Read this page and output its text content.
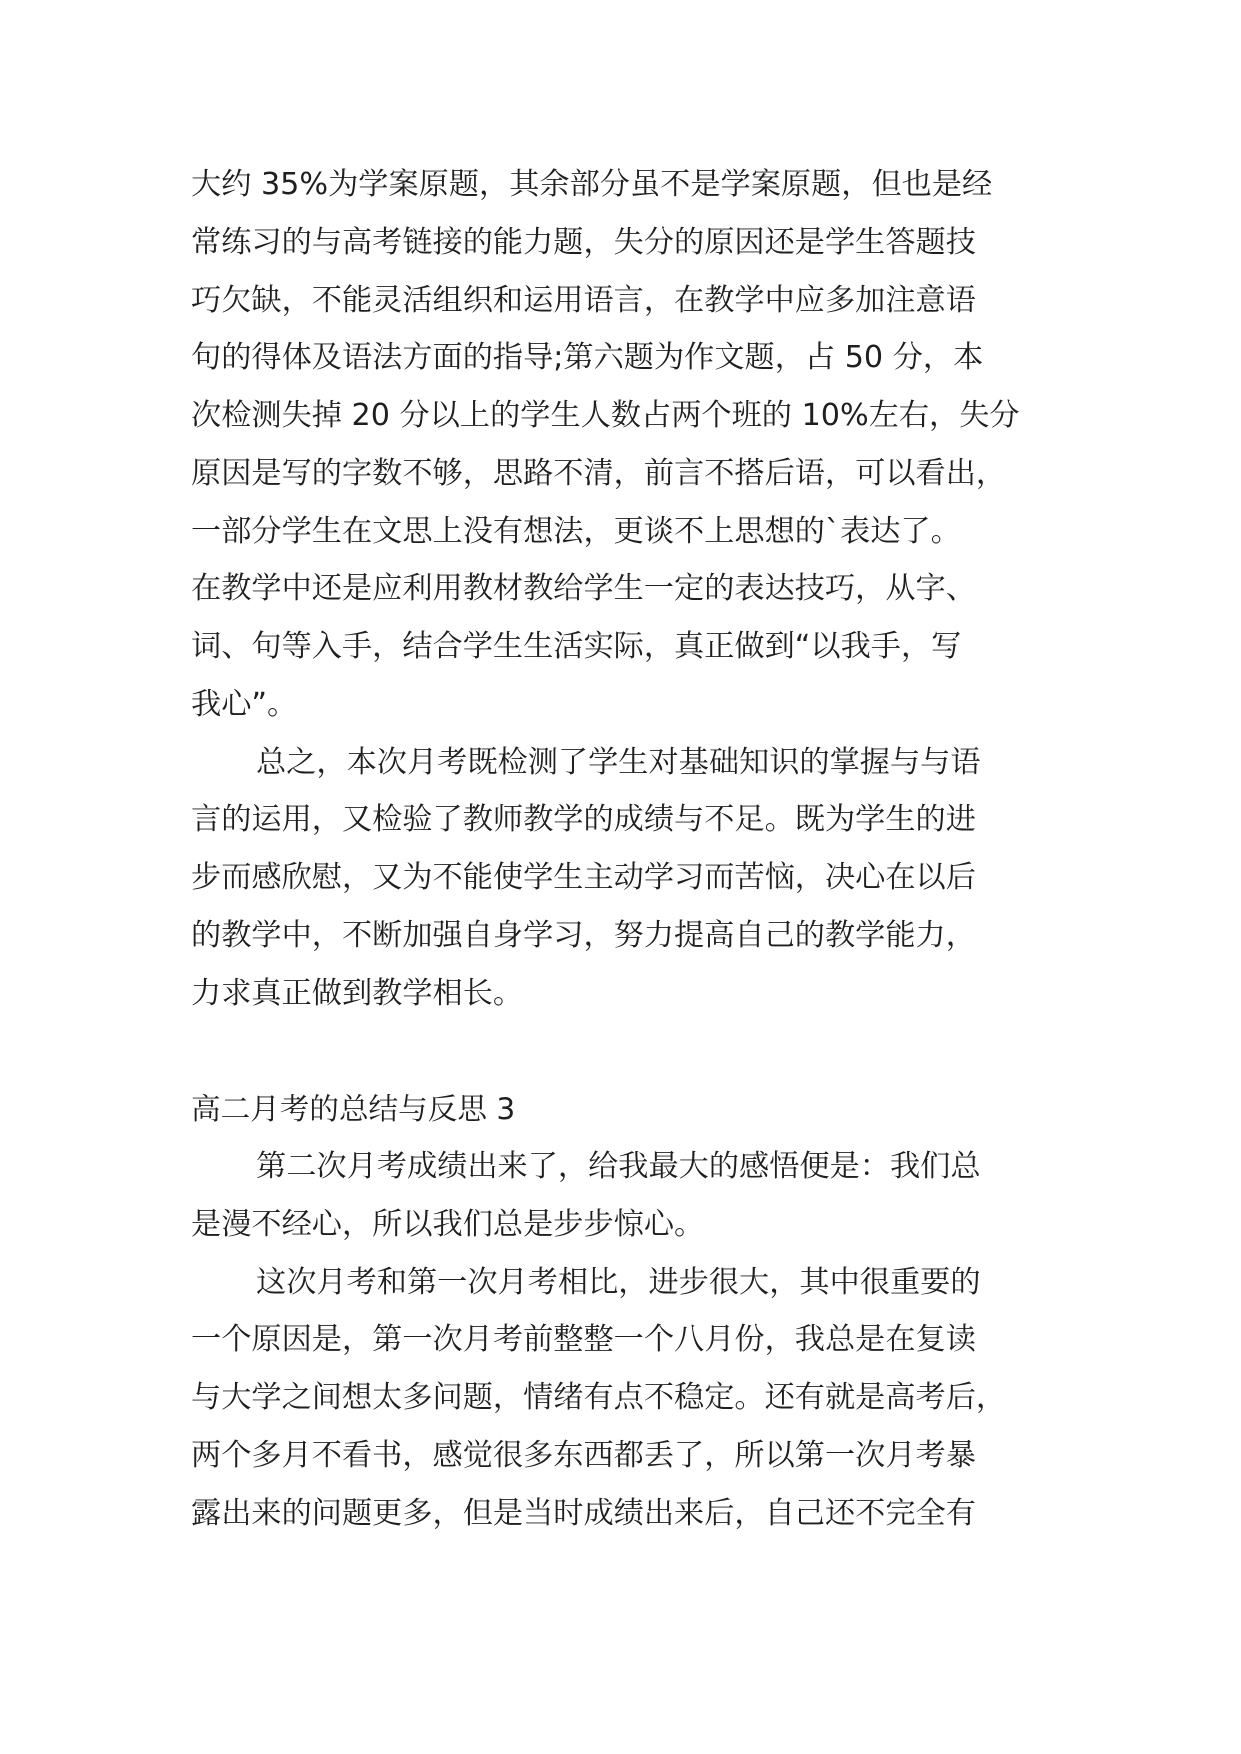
大约 35%为学案原题，其余部分虽不是学案原题，但也是经
常练习的与高考链接的能力题，失分的原因还是学生答题技
巧欠缺，不能灵活组织和运用语言，在教学中应多加注意语
句的得体及语法方面的指导;第六题为作文题，占 50 分，本
次检测失掉 20 分以上的学生人数占两个班的 10%左右，失分
原因是写的字数不够，思路不清，前言不搭后语，可以看出，
一部分学生在文思上没有想法，更谈不上思想的`表达了。
在教学中还是应利用教材教给学生一定的表达技巧，从字、
词、句等入手，结合学生生活实际，真正做到“以我手，写
我心”。
总之，本次月考既检测了学生对基础知识的掌握与与语
言的运用，又检验了教师教学的成绩与不足。既为学生的进
步而感欣慰，又为不能使学生主动学习而苦恼，决心在以后
的教学中，不断加强自身学习，努力提高自己的教学能力，
力求真正做到教学相长。
高二月考的总结与反思 3
第二次月考成绩出来了，给我最大的感悟便是：我们总
是漫不经心，所以我们总是步步惊心。
这次月考和第一次月考相比，进步很大，其中很重要的
一个原因是，第一次月考前整整一个八月份，我总是在复读
与大学之间想太多问题，情绪有点不稳定。还有就是高考后，
两个多月不看书，感觉很多东西都丢了，所以第一次月考暴
露出来的问题更多，但是当时成绩出来后，自己还不完全有
